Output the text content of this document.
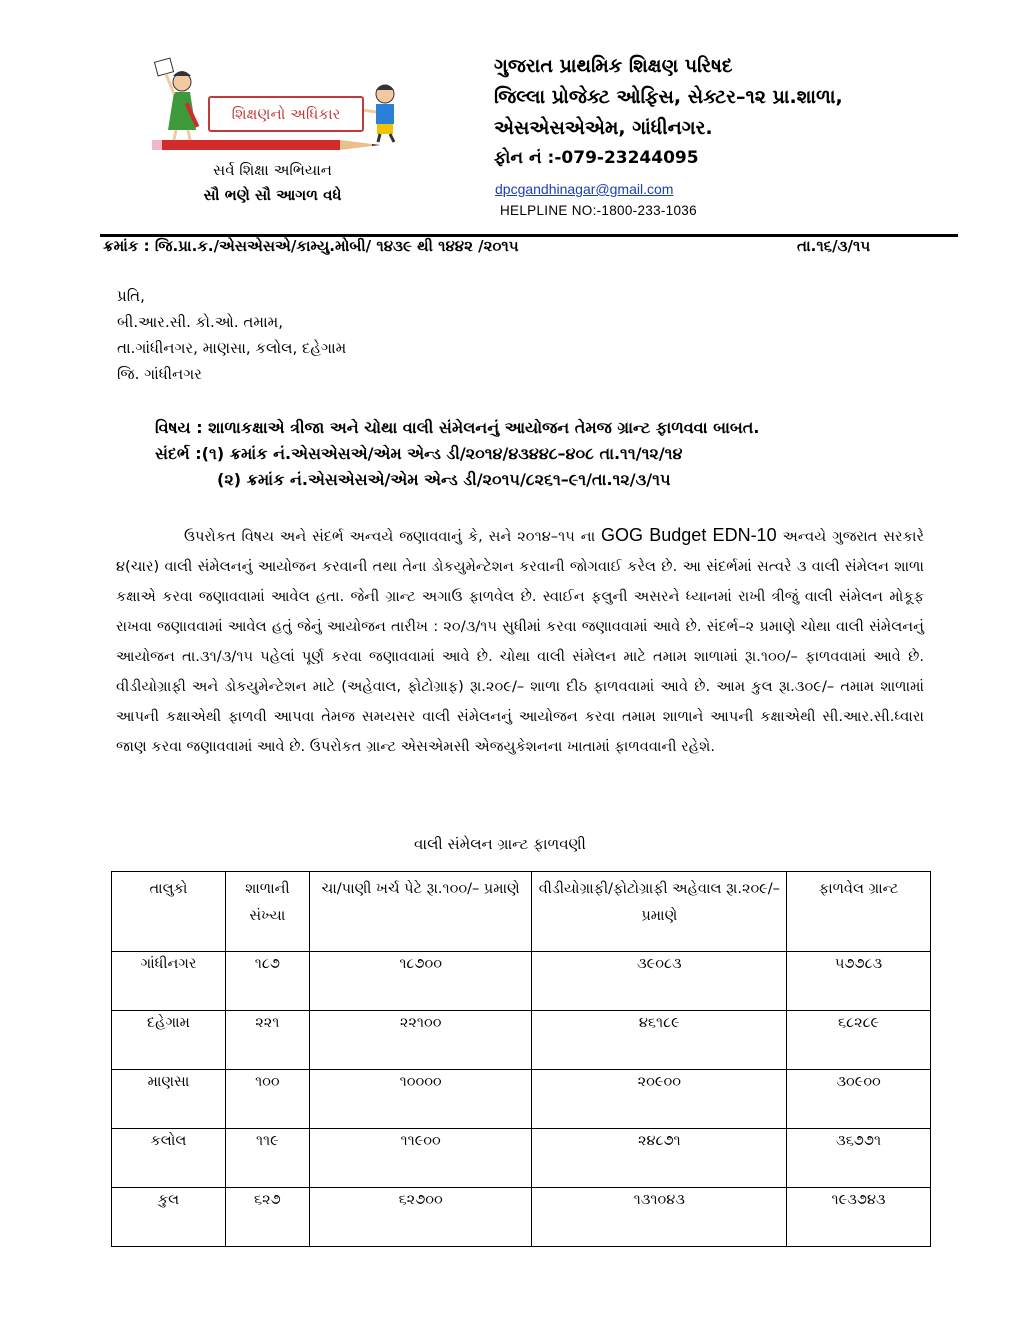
શિક્ષણનો અધિકાર
સર્વ શિક્ષા અભિયાન
સૌ ભણે સૌ આગળ વધે
ગુજરાત પ્રાથમિક શિક્ષણ પરિષદ
જિલ્લા પ્રોજેક્ટ ઓફિસ, સેક્ટર–૧૨ પ્રા.શાળા,
એસએસએએમ, ગાંધીનગર.
ફોન નં :-079-23244095
dpcgandhinagar@gmail.com
HELPLINE NO:-1800-233-1036
ક્રમાંક : જિ.પ્રા.ક./એસએસએ/કામ્યુ.મોબી/ ૧૪૩૯ થી ૧૪૪૨ /૨૦૧૫	તા.૧૬/૩/૧૫
પ્રતિ,
બી.આર.સી. કો.ઓ. તમામ,
તા.ગાંધીનગર, માણસા, કલોલ, દહેગામ
જિ. ગાંધીનગર
વિષય : શાળાકક્ષાએ ત્રીજા અને ચોથા વાલી સંમેલનનું આયોજન તેમજ ગ્રાન્ટ ફાળવવા બાબત.
સંદર્ભ :(૧) ક્રમાંક નં.એસએસએ/એમ એન્ડ ડી/૨૦૧૪/૪૩૪૪૮–૪૦૮ તા.૧૧/૧૨/૧૪
(૨) ક્રમાંક નં.એસએસએ/એમ એન્ડ ડી/૨૦૧૫/૮૨૬૧–૯૧/તા.૧૨/૩/૧૫

ઉપરોકત વિષય અને સંદર્ભ અન્વયે જણાવવાનું કે, સને ૨૦૧૪–૧૫ ના GOG Budget EDN-10 અન્વયે ગુજરાત સરકારે ૪(ચાર) વાલી સંમેલનનું આયોજન કરવાની તથા તેના ડોકયુમેન્ટેશન કરવાની જોગવાઈ કરેલ છે. આ સંદર્ભમાં સત્વરે ૩ વાલી સંમેલન શાળા કક્ષાએ કરવા જણાવવામાં આવેલ હતા. જેની ગ્રાન્ટ અગાઉ ફાળવેલ છે. સ્વાઈન ફલુની અસરને ધ્યાનમાં રાખી ત્રીજું વાલી સંમેલન મોકૂફ રાખવા જણાવવામાં આવેલ હતું જેનું આયોજન તારીખ : ૨૦/૩/૧૫ સુધીમાં કરવા જણાવવામાં આવે છે. સંદર્ભ–૨ પ્રમાણે ચોથા વાલી સંમેલનનું આયોજન તા.૩૧/૩/૧૫ પહેલાં પૂર્ણ કરવા જણાવવામાં આવે છે. ચોથા વાલી સંમેલન માટે તમામ શાળામાં રૂા.૧૦૦/– ફાળવવામાં આવે છે. વીડીયોગ્રાફી અને ડોકયુમેન્ટેશન માટે (અહેવાલ, ફોટોગ્રાફ) રૂા.૨૦૯/– શાળા દીઠ ફાળવવામાં આવે છે. આમ કુલ રૂા.૩૦૯/– તમામ શાળામાં આપની કક્ષાએથી ફાળવી આપવા તેમજ સમયસર વાલી સંમેલનનું આયોજન કરવા તમામ શાળાને આપની કક્ષાએથી સી.આર.સી.ધ્વારા જાણ કરવા જણાવવામાં આવે છે. ઉપરોકત ગ્રાન્ટ એસએમસી એજયુકેશનના ખાતામાં ફાળવવાની રહેશે.

વાલી સંમેલન ગ્રાન્ટ ફાળવણી
તાલુકો	શાળાની સંખ્યા	ચા/પાણી ખર્ચ પેટે રૂા.૧૦૦/– પ્રમાણે	વીડીયોગ્રાફી/ફોટોગ્રાફી અહેવાલ રૂા.૨૦૯/– પ્રમાણે	ફાળવેલ ગ્રાન્ટ
ગાંધીનગર	૧૮૭	૧૮૭૦૦	૩૯૦૮૩	૫૭૭૮૩
દહેગામ	૨૨૧	૨૨૧૦૦	૪૬૧૮૯	૬૮૨૮૯
માણસા	૧૦૦	૧૦૦૦૦	૨૦૯૦૦	૩૦૯૦૦
કલોલ	૧૧૯	૧૧૯૦૦	૨૪૮૭૧	૩૬૭૭૧
કુલ	૬૨૭	૬૨૭૦૦	૧૩૧૦૪૩	૧૯૩૭૪૩
